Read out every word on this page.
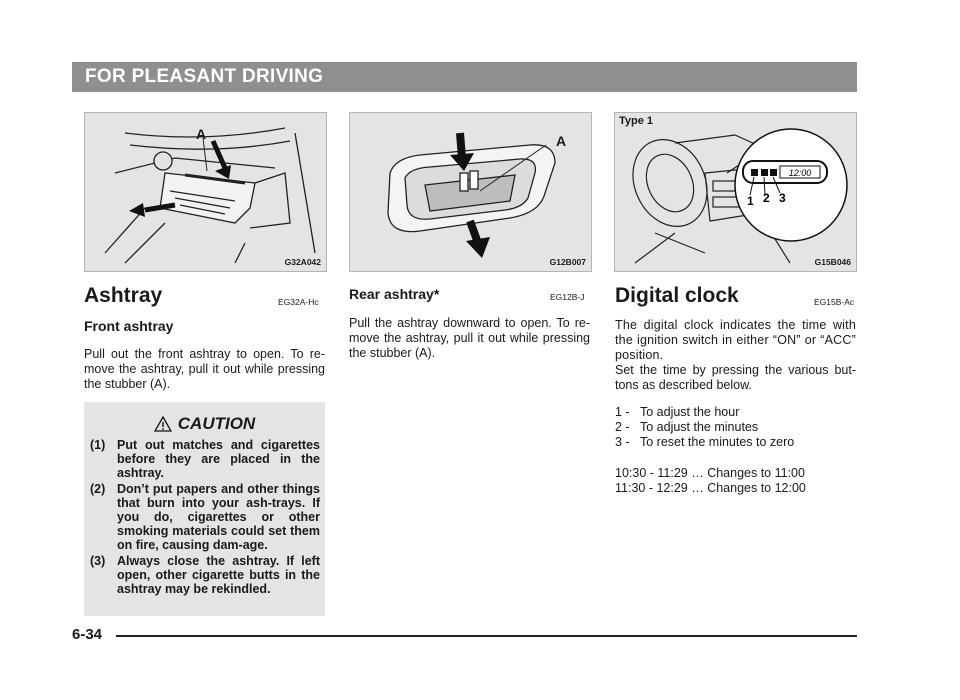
FOR PLEASANT DRIVING
A
G32A042
A
G12B007
Type 1
12:00
1 2 3
G15B046
Ashtray	EG32A-Hc
Front ashtray
Pull out the front ashtray to open. To re-move the ashtray, pull it out while pressing the stubber (A).
CAUTION
(1) Put out matches and cigarettes before they are placed in the ashtray.
(2) Don’t put papers and other things that burn into your ash-trays. If you do, cigarettes or other smoking materials could set them on fire, causing dam-age.
(3) Always close the ashtray. If left open, other cigarette butts in the ashtray may be rekindled.
Rear ashtray*	EG12B-J
Pull the ashtray downward to open. To re-move the ashtray, pull it out while pressing the stubber (A).
Digital clock	EG15B-Ac
The digital clock indicates the time with the ignition switch in either “ON” or “ACC” position.
Set the time by pressing the various but-tons as described below.
1 - To adjust the hour
2 - To adjust the minutes
3 - To reset the minutes to zero
10:30 - 11:29 … Changes to 11:00
11:30 - 12:29 … Changes to 12:00
6-34
